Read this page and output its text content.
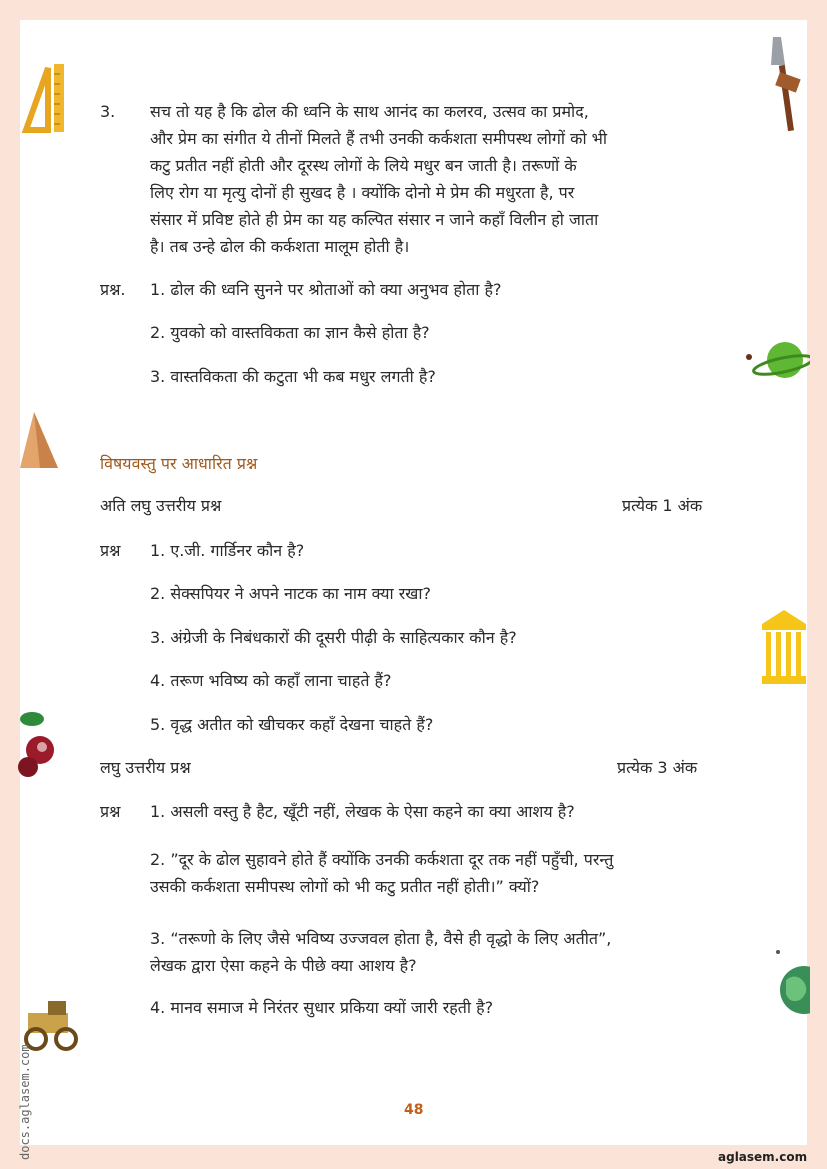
docs.aglasem.com
3. सच तो यह है कि ढोल की ध्वनि के साथ आनंद का कलरव, उत्सव का प्रमोद,
और प्रेम का संगीत ये तीनों मिलते हैं तभी उनकी कर्कशता समीपस्थ लोगों को भी
कटु प्रतीत नहीं होती और दूरस्थ लोगों के लिये मधुर बन जाती है। तरूणों के
लिए रोग या मृत्यु दोनों ही सुखद है । क्योंकि दोनो मे प्रेम की मधुरता है, पर
संसार में प्रविष्ट होते ही प्रेम का यह कल्पित संसार न जाने कहाँ विलीन हो जाता
है। तब उन्हे ढोल की कर्कशता मालूम होती है।
प्रश्न. 1. ढोल की ध्वनि सुनने पर श्रोताओं को क्या अनुभव होता है?
2. युवको को वास्तविकता का ज्ञान कैसे होता है?
3. वास्तविकता की कटुता भी कब मधुर लगती है?
विषयवस्तु पर आधारित प्रश्न
अति लघु उत्तरीय प्रश्न	प्रत्येक 1 अंक
प्रश्न 1. ए.जी. गार्डिनर कौन है?
2. सेक्सपियर ने अपने नाटक का नाम क्या रखा?
3. अंग्रेजी के निबंधकारों की दूसरी पीढ़ी के साहित्यकार कौन है?
4. तरूण भविष्य को कहाँ लाना चाहते हैं?
5. वृद्ध अतीत को खीचकर कहाँ देखना चाहते हैं?
लघु उत्तरीय प्रश्न	प्रत्येक 3 अंक
प्रश्न 1. असली वस्तु है हैट, खूँटी नहीं, लेखक के ऐसा कहने का क्या आशय है?
2. ”दूर के ढोल सुहावने होते हैं क्योंकि उनकी कर्कशता दूर तक नहीं पहुँची, परन्तु
उसकी कर्कशता समीपस्थ लोगों को भी कटु प्रतीत नहीं होती।” क्यों?
3. “तरूणो के लिए जैसे भविष्य उज्जवल होता है, वैसे ही वृद्धो के लिए अतीत”,
लेखक द्वारा ऐसा कहने के पीछे क्या आशय है?
4. मानव समाज मे निरंतर सुधार प्रकिया क्यों जारी रहती है?
48
aglasem.com
